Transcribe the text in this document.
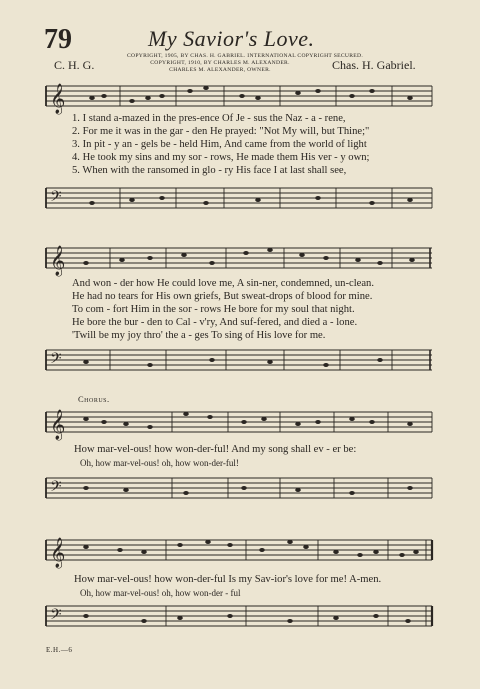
79	My Savior's Love.
COPYRIGHT, 1905, BY CHAS. H. GABRIEL. INTERNATIONAL COPYRIGHT SECURED.
COPYRIGHT, 1910, BY CHARLES M. ALEXANDER.
CHARLES M. ALEXANDER, OWNER.
C. H. G.	Chas. H. Gabriel.
𝄞
1. I stand a-mazed in the pres-ence Of Je - sus the Naz - a - rene,
2. For me it was in the gar - den He prayed: "Not My will, but Thine;"
3. In pit - y an - gels be - held Him, And came from the world of light
4. He took my sins and my sor - rows, He made them His ver - y own;
5. When with the ransomed in glo - ry His face I at last shall see,
𝄢
𝄞
And won - der how He could love me, A sin-ner, condemned, un-clean.
He had no tears for His own griefs, But sweat-drops of blood for mine.
To com - fort Him in the sor - rows He bore for my soul that night.
He bore the bur - den to Cal - v'ry, And suf-fered, and died a - lone.
'Twill be my joy thro' the a - ges To sing of His love for me.
𝄢
Chorus.
𝄞
How mar-vel-ous! how won-der-ful! And my song shall ev - er be:
Oh, how mar-vel-ous! oh, how won-der-ful!
𝄢
𝄞
How mar-vel-ous! how won-der-ful Is my Sav-ior's love for me! A-men.
Oh, how mar-vel-ous! oh, how won-der - ful
𝄢
E.H.—6
